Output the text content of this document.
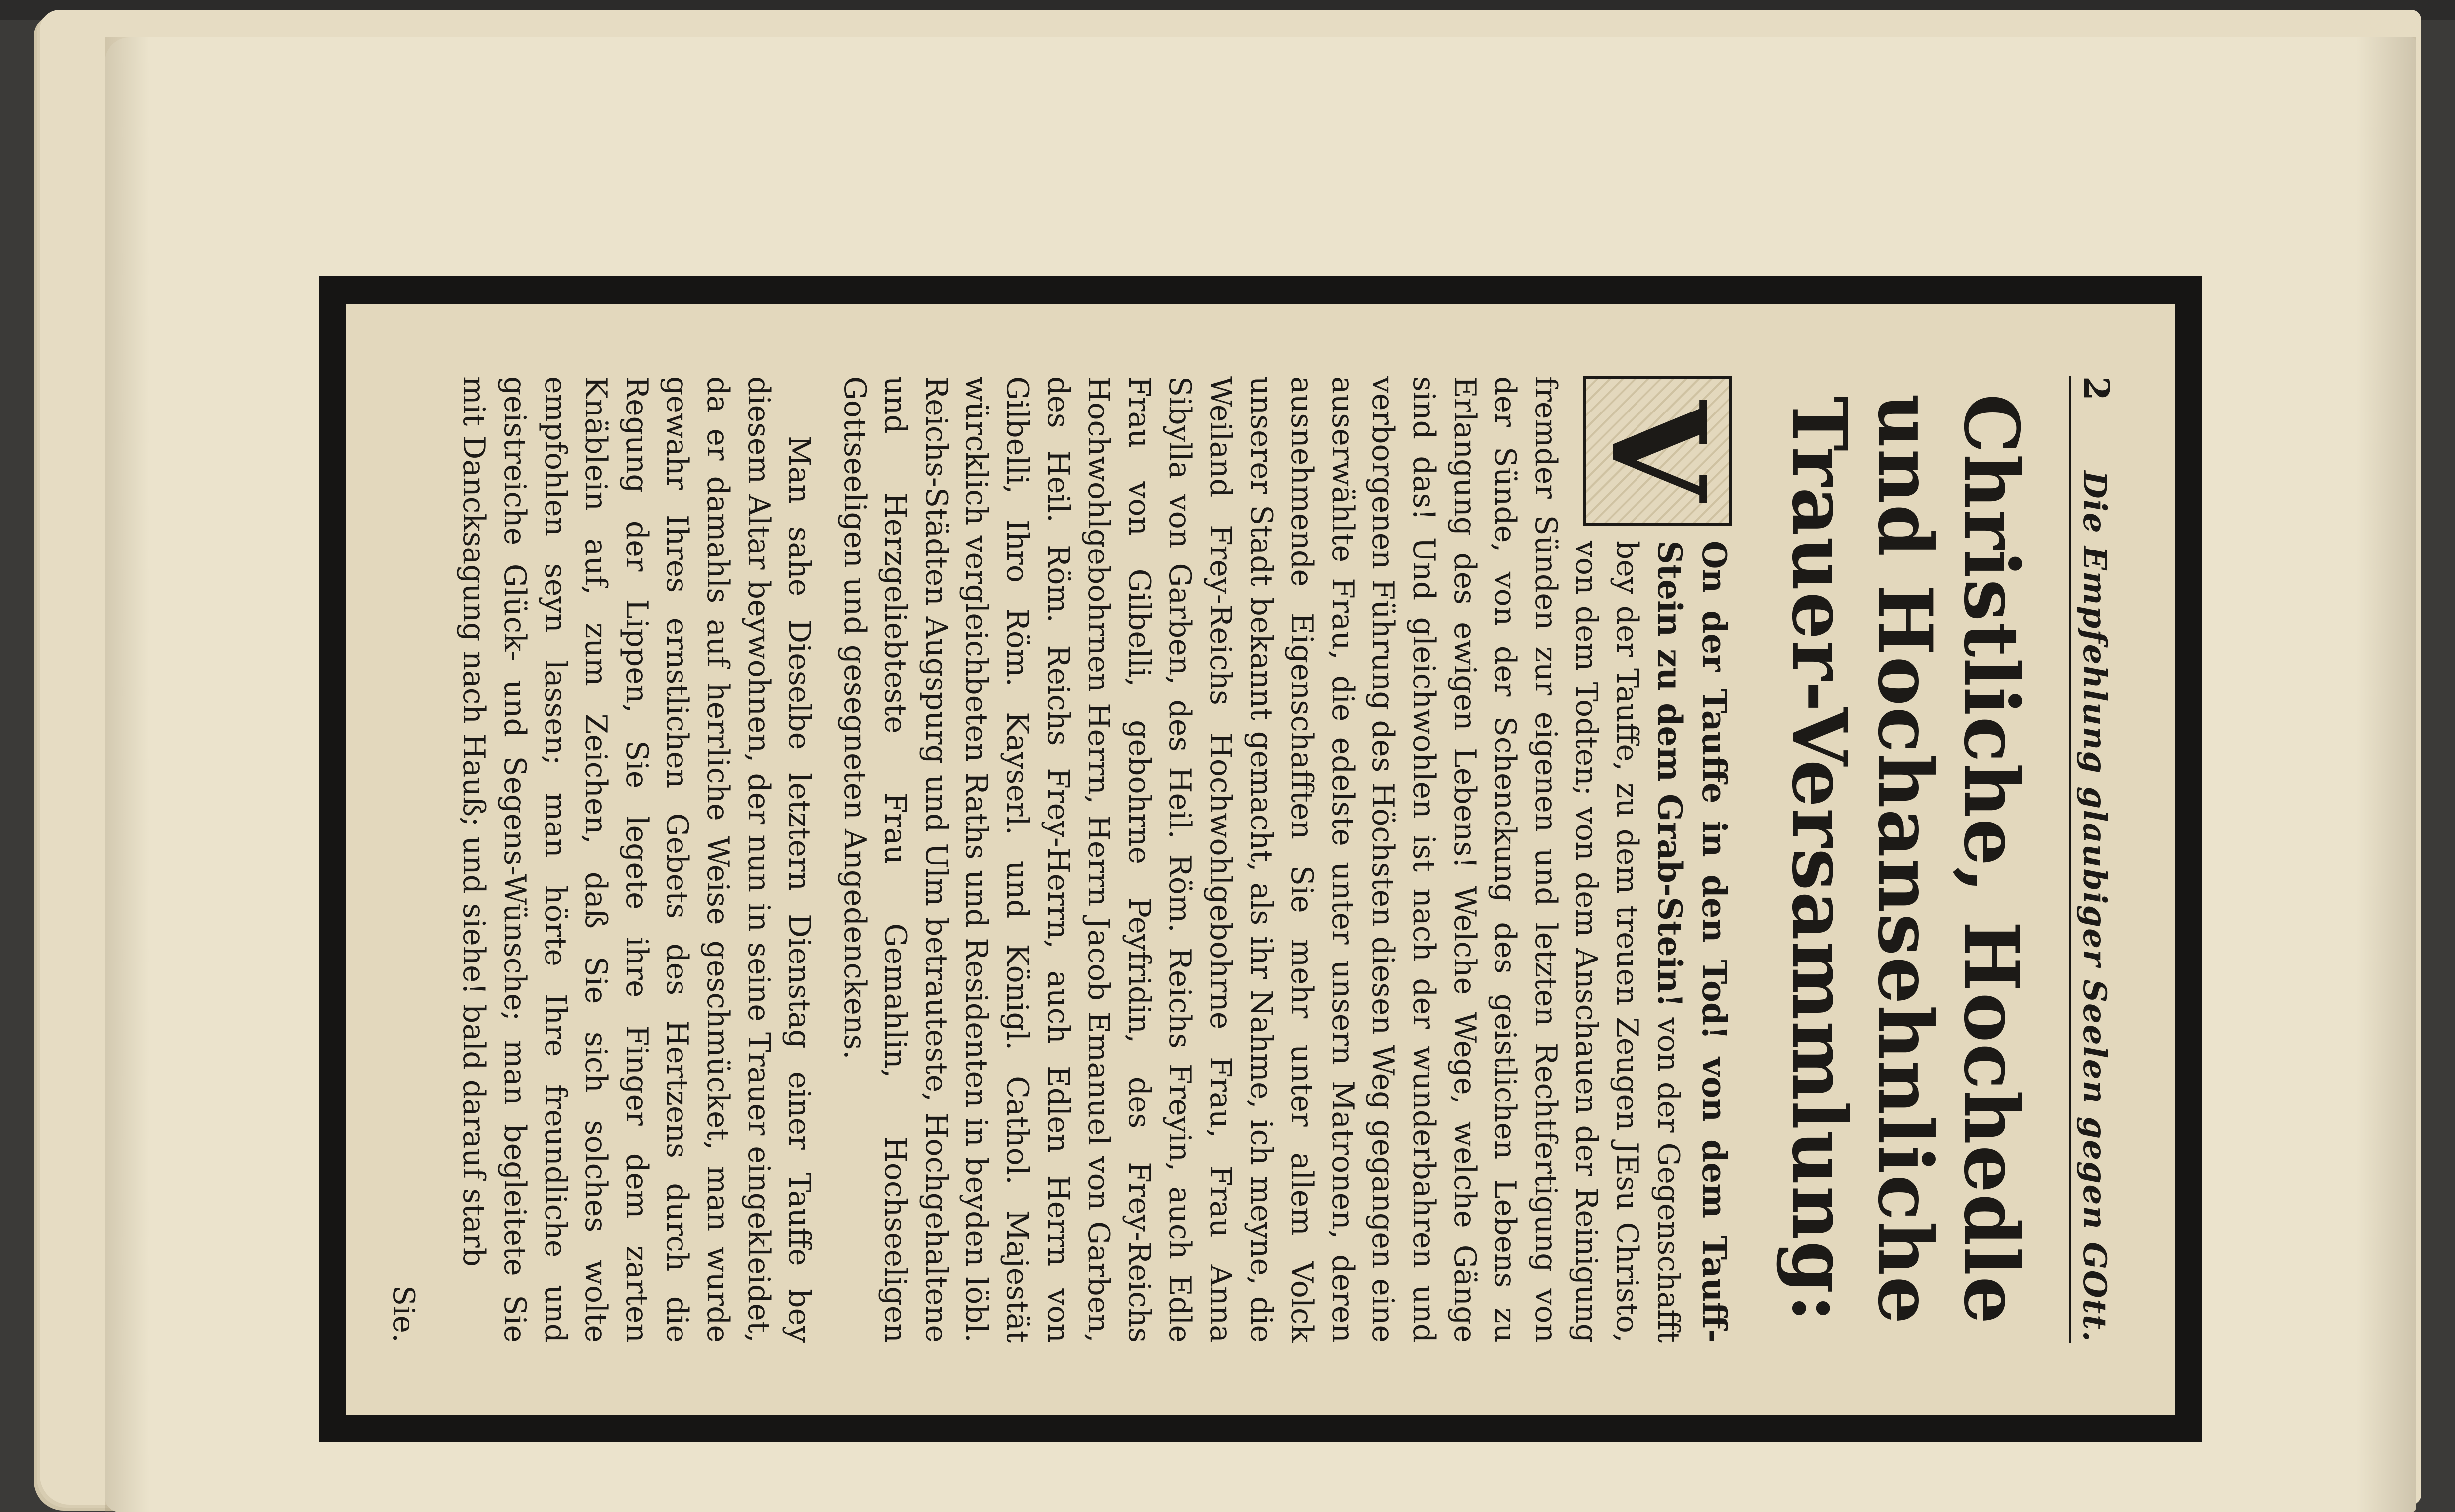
2
Die Empfehlung glaubiger Seelen gegen GOtt.
Christliche, Hochedle und Hochansehnliche
Trauer-Versammlung:
V

On der Tauffe in den Tod! von dem Tauff-Stein zu dem Grab-Stein! von der Gegenschafft bey der Tauffe, zu dem treuen Zeugen JEsu Christo, von dem Todten; von dem Anschauen der Reinigung fremder Sünden zur eigenen und letzten Rechtfertigung von der Sünde, von der Schenckung des geistlichen Lebens zu Erlangung des ewigen Lebens! Welche Wege, welche Gänge sind das! Und gleichwohlen ist nach der wunderbahren und verborgenen Führung des Höchsten diesen Weg gegangen eine auserwählte Frau, die edelste unter unsern Matronen, deren ausnehmende Eigenschafften Sie mehr unter allem Volck unserer Stadt bekannt gemacht, als ihr Nahme, ich meyne, die Weiland Frey-Reichs Hochwohlgebohrne Frau, Frau Anna Sibylla von Garben, des Heil. Röm. Reichs Freyin, auch Edle Frau von Gilbelli, gebohrne Peyfridin, des Frey-Reichs Hochwohlgebohrnen Herrn, Herrn Jacob Emanuel von Garben, des Heil. Röm. Reichs Frey-Herrn, auch Edlen Herrn von Gilbelli, Ihro Röm. Kayserl. und Königl. Cathol. Majestät würcklich vergleichbeten Raths und Residenten in beyden löbl. Reichs-Städten Augspurg und Ulm betrauteste, Hochgehaltene und Herzgeliebteste Frau Gemahlin, Hochseeligen Gottseeligen und gesegneten Angedenckens.

Man sahe Dieselbe letztern Dienstag einer Tauffe bey diesem Altar beywohnen, der nun in seine Trauer eingekleidet, da er damahls auf herrliche Weise geschmücket, man wurde gewahr Ihres ernstlichen Gebets des Hertzens durch die Regung der Lippen, Sie legete ihre Finger dem zarten Knäblein auf, zum Zeichen, daß Sie sich solches wolte empfohlen seyn lassen; man hörte Ihre freundliche und geistreiche Glück- und Segens-Wünsche; man begleitete Sie mit Dancksagung nach Hauß; und siehe! bald darauf starb

Sie.
